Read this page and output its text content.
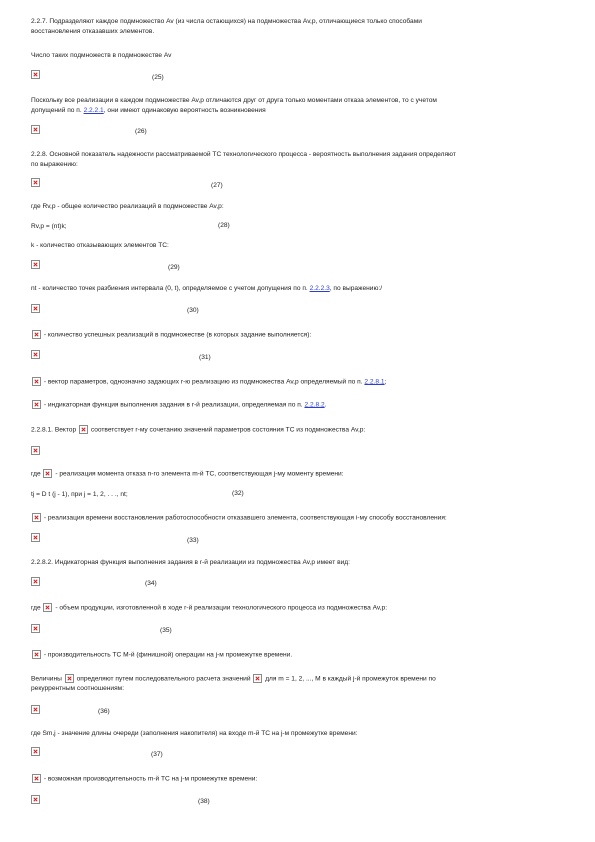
2.2.7. Подразделяют каждое подмножество Av (из числа остающихся) на подмножества Av,p, отличающиеся только способами
восстановления отказавших элементов.
Число таких подмножеств в подмножестве Av
(25)
Поскольку все реализации в каждом подмножестве Av,p отличаются друг от друга только моментами отказа элементов, то с учетом
допущений по п. 2.2.2.1, они имеют одинаковую вероятность возникновения
(26)
2.2.8. Основной показатель надежности рассматриваемой ТС технологического процесса - вероятность выполнения задания определяют
по выражению:
(27)
где Rv,p - общее количество реализаций в подмножестве Av,p:
Rv,p = (nt)k;	(28)
k - количество отказывающих элементов ТС:
(29)
nt - количество точек разбиения интервала (0, t), определяемое с учетом допущения по п. 2.2.2.3, по выражению:/
(30)
- количество успешных реализаций в подмножестве (в которых задание выполняется):
(31)
- вектор параметров, однозначно задающих r-ю реализацию из подмножества Av,p определяемый по п. 2.2.8.1;
- индикаторная функция выполнения задания в r-й реализации, определяемая по п. 2.2.8.2.
2.2.8.1. Вектор соответствует r-му сочетанию значений параметров состояния ТС из подмножества Av,p:
где - реализация момента отказа n-го элемента m-й ТС, соответствующая j-му моменту времени:
tj = D t (j - 1), при j = 1, 2, . . ., nt;	(32)
- реализация времени восстановления работоспособности отказавшего элемента, соответствующая i-му способу восстановления:
(33)
2.2.8.2. Индикаторная функция выполнения задания в r-й реализации из подмножества Av,p имеет вид:
(34)
где - объем продукции, изготовленной в ходе r-й реализации технологического процесса из подмножества Av,p:
(35)
- производительность ТС M-й (финишной) операции на j-м промежутке времени.
Величины определяют путем последовательного расчета значений для m = 1, 2, ..., M в каждый j-й промежуток времени по
рекуррентным соотношениям:
(36)
где Sm,j - значение длины очереди (заполнения накопителя) на входе m-й ТС на j-м промежутке времени:
(37)
- возможная производительность m-й ТС на j-м промежутке времени:
(38)
